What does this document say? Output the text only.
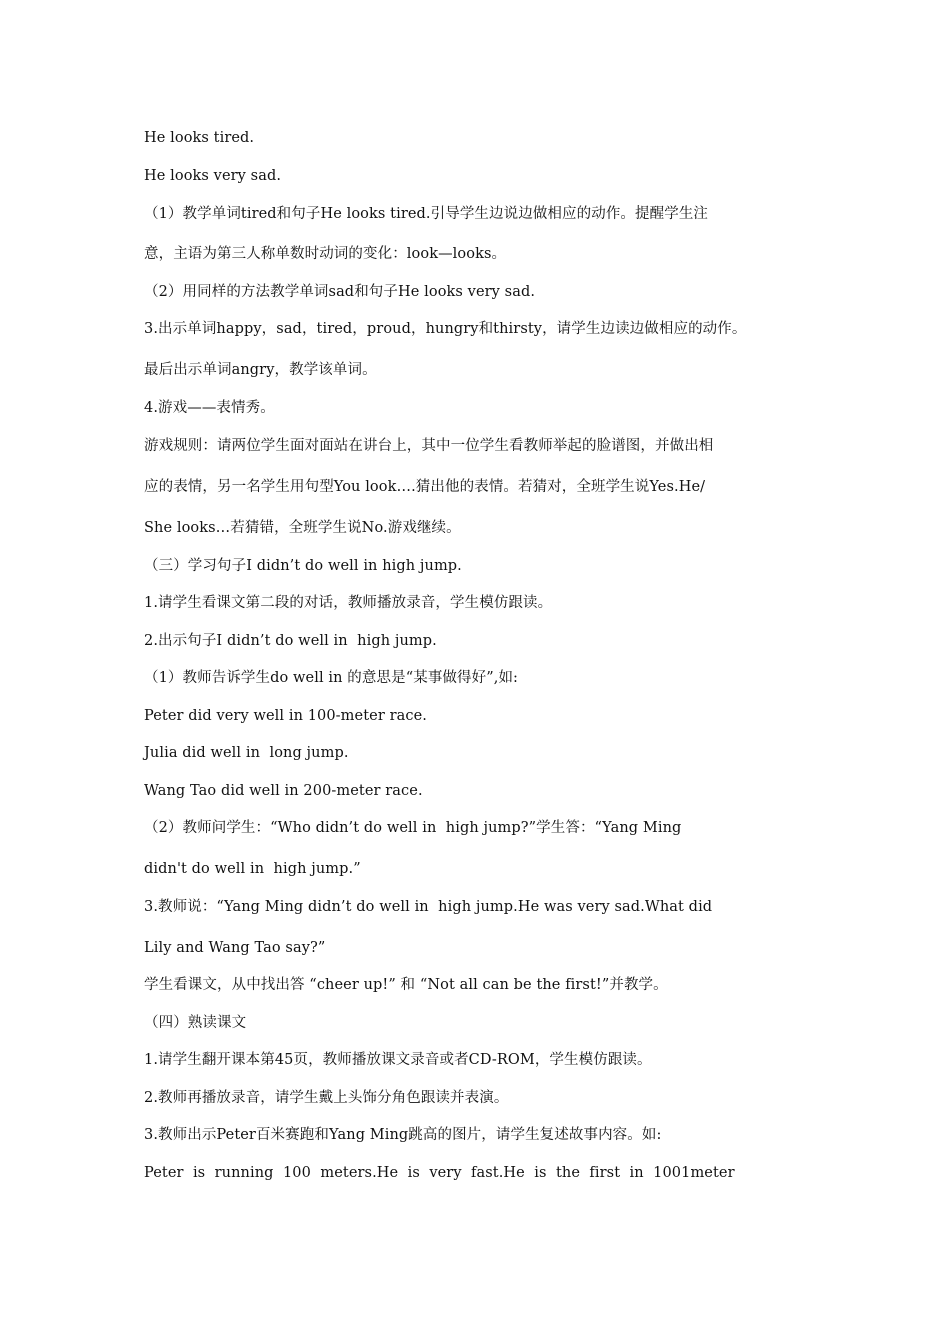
He looks tired.
He looks very sad.
（1）教学单词tired和句子He looks tired.引导学生边说边做相应的动作。提醒学生注
意，主语为第三人称单数时动词的变化：look—looks。
（2）用同样的方法教学单词sad和句子He looks very sad.
3.出示单词happy，sad，tired，proud，hungry和thirsty，请学生边读边做相应的动作。
最后出示单词angry，教学该单词。
4.游戏——表情秀。
游戏规则：请两位学生面对面站在讲台上，其中一位学生看教师举起的脸谱图，并做出相
应的表情，另一名学生用句型You look….猜出他的表情。若猜对，全班学生说Yes.He/
She looks…若猜错，全班学生说No.游戏继续。
（三）学习句子I didn’t do well in high jump.
1.请学生看课文第二段的对话，教师播放录音，学生模仿跟读。
2.出示句子I didn’t do well in  high jump.
（1）教师告诉学生do well in 的意思是“某事做得好”,如:
Peter did very well in 100-meter race.
Julia did well in  long jump.
Wang Tao did well in 200-meter race.
（2）教师问学生：“Who didn’t do well in  high jump?”学生答：“Yang Ming
didn't do well in  high jump.”
3.教师说：“Yang Ming didn’t do well in  high jump.He was very sad.What did
Lily and Wang Tao say?”
学生看课文，从中找出答 “cheer up!” 和 “Not all can be the first!”并教学。
（四）熟读课文
1.请学生翻开课本第45页，教师播放课文录音或者CD-ROM，学生模仿跟读。
2.教师再播放录音，请学生戴上头饰分角色跟读并表演。
3.教师出示Peter百米赛跑和Yang Ming跳高的图片，请学生复述故事内容。如:
Peter  is  running  100  meters.He  is  very  fast.He  is  the  first  in  1001meter
